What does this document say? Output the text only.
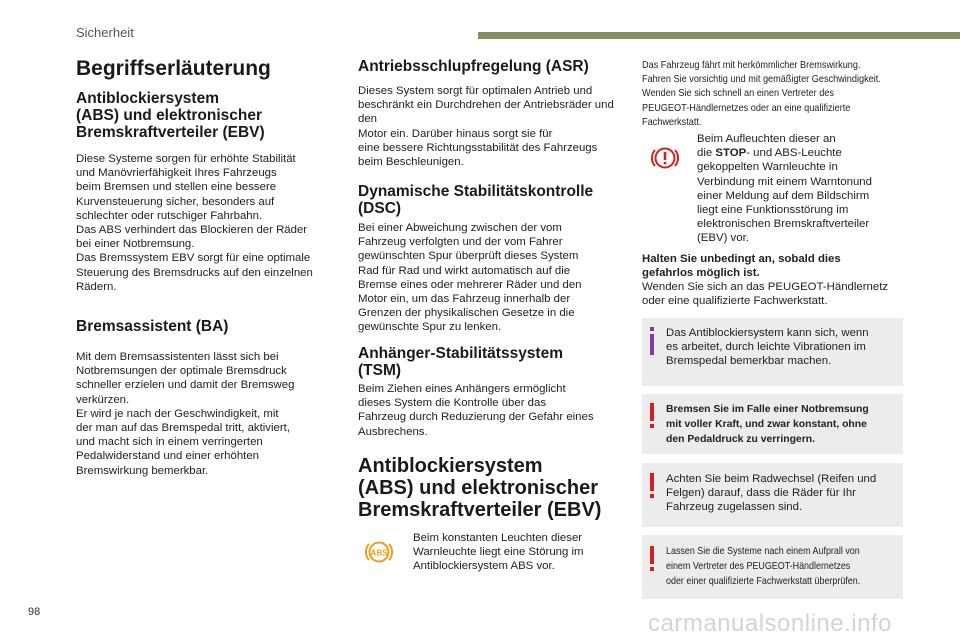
Sicherheit
Begriffserläuterung
Antiblockiersystem
(ABS) und elektronischer
Bremskraftverteiler (EBV)

Diese Systeme sorgen für erhöhte Stabilität
und Manövrierfähigkeit Ihres Fahrzeugs
beim Bremsen und stellen eine bessere
Kurvensteuerung sicher, besonders auf
schlechter oder rutschiger Fahrbahn.
Das ABS verhindert das Blockieren der Räder
bei einer Notbremsung.
Das Bremssystem EBV sorgt für eine optimale
Steuerung des Bremsdrucks auf den einzelnen
Rädern.

Bremsassistent (BA)

Mit dem Bremsassistenten lässt sich bei
Notbremsungen der optimale Bremsdruck
schneller erzielen und damit der Bremsweg
verkürzen.
Er wird je nach der Geschwindigkeit, mit
der man auf das Bremspedal tritt, aktiviert,
und macht sich in einem verringerten
Pedalwiderstand und einer erhöhten
Bremswirkung bemerkbar.

Antriebsschlupfregelung (ASR)

Dieses System sorgt für optimalen Antrieb und
beschränkt ein Durchdrehen der Antriebsräder und den
Motor ein. Darüber hinaus sorgt sie für
eine bessere Richtungsstabilität des Fahrzeugs
beim Beschleunigen.

Dynamische Stabilitätskontrolle
(DSC)

Bei einer Abweichung zwischen der vom
Fahrzeug verfolgten und der vom Fahrer
gewünschten Spur überprüft dieses System
Rad für Rad und wirkt automatisch auf die
Bremse eines oder mehrerer Räder und den
Motor ein, um das Fahrzeug innerhalb der
Grenzen der physikalischen Gesetze in die
gewünschte Spur zu lenken.

Anhänger-Stabilitätssystem
(TSM)

Beim Ziehen eines Anhängers ermöglicht
dieses System die Kontrolle über das
Fahrzeug durch Reduzierung der Gefahr eines
Ausbrechens.

Antiblockiersystem
(ABS) und elektronischer
Bremskraftverteiler (EBV)
ABS

Beim konstanten Leuchten dieser
Warnleuchte liegt eine Störung im
Antiblockiersystem ABS vor.

Das Fahrzeug fährt mit herkömmlicher Bremswirkung.
Fahren Sie vorsichtig und mit gemäßigter Geschwindigkeit.
Wenden Sie sich schnell an einen Vertreter des
PEUGEOT-Händlernetzes oder an eine qualifizierte
Fachwerkstatt.

Beim Aufleuchten dieser an
die STOP- und ABS-Leuchte
gekoppelten Warnleuchte in
Verbindung mit einem Warntonund
einer Meldung auf dem Bildschirm
liegt eine Funktionsstörung im
elektronischen Bremskraftverteiler
(EBV) vor.

Halten Sie unbedingt an, sobald dies
gefahrlos möglich ist.

Wenden Sie sich an das PEUGEOT-Händlernetz
oder eine qualifizierte Fachwerkstatt.

Das Antiblockiersystem kann sich, wenn
es arbeitet, durch leichte Vibrationen im
Bremspedal bemerkbar machen.

Bremsen Sie im Falle einer Notbremsung
mit voller Kraft, und zwar konstant, ohne
den Pedaldruck zu verringern.

Achten Sie beim Radwechsel (Reifen und
Felgen) darauf, dass die Räder für Ihr
Fahrzeug zugelassen sind.

Lassen Sie die Systeme nach einem Aufprall von
einem Vertreter des PEUGEOT-Händlernetzes
oder einer qualifizierte Fachwerkstatt überprüfen.
98	carmanualsonline.info
